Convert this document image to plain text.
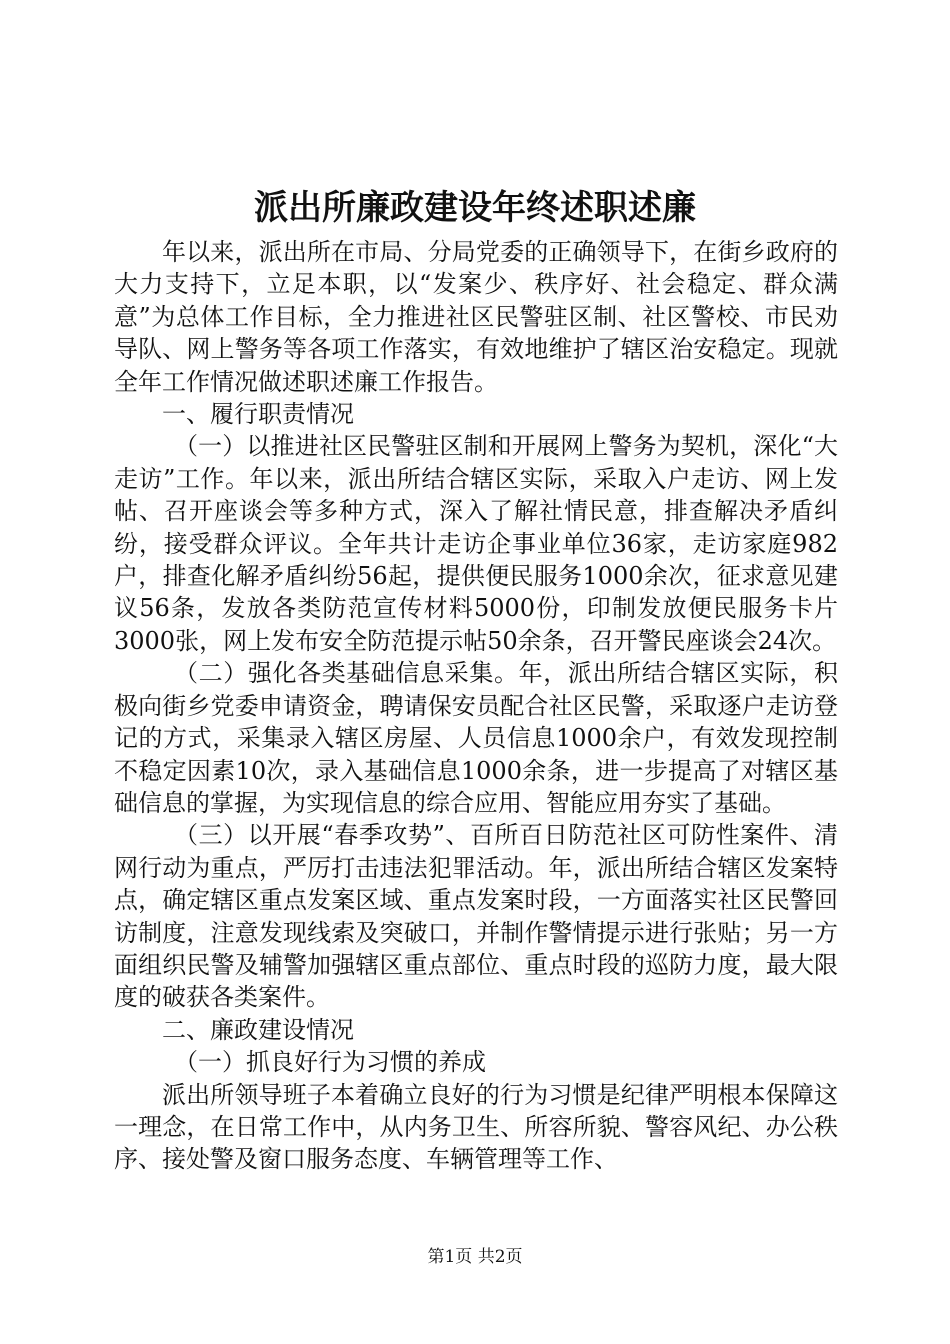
派出所廉政建设年终述职述廉

年以来，派出所在市局、分局党委的正确领导下，在街乡政府的大力支持下，立足本职，以“发案少、秩序好、社会稳定、群众满意”为总体工作目标，全力推进社区民警驻区制、社区警校、市民劝导队、网上警务等各项工作落实，有效地维护了辖区治安稳定。现就全年工作情况做述职述廉工作报告。

一、履行职责情况

（一）以推进社区民警驻区制和开展网上警务为契机，深化“大走访”工作。年以来，派出所结合辖区实际，采取入户走访、网上发帖、召开座谈会等多种方式，深入了解社情民意，排查解决矛盾纠纷，接受群众评议。全年共计走访企事业单位36家，走访家庭982户，排查化解矛盾纠纷56起，提供便民服务1000余次，征求意见建议56条，发放各类防范宣传材料5000份，印制发放便民服务卡片3000张，网上发布安全防范提示帖50余条，召开警民座谈会24次。

（二）强化各类基础信息采集。年，派出所结合辖区实际，积极向街乡党委申请资金，聘请保安员配合社区民警，采取逐户走访登记的方式，采集录入辖区房屋、人员信息1000余户，有效发现控制不稳定因素10次，录入基础信息1000余条，进一步提高了对辖区基础信息的掌握，为实现信息的综合应用、智能应用夯实了基础。

（三）以开展“春季攻势”、百所百日防范社区可防性案件、清网行动为重点，严厉打击违法犯罪活动。年，派出所结合辖区发案特点，确定辖区重点发案区域、重点发案时段，一方面落实社区民警回访制度，注意发现线索及突破口，并制作警情提示进行张贴；另一方面组织民警及辅警加强辖区重点部位、重点时段的巡防力度，最大限度的破获各类案件。

二、廉政建设情况

（一）抓良好行为习惯的养成

派出所领导班子本着确立良好的行为习惯是纪律严明根本保障这一理念，在日常工作中，从内务卫生、所容所貌、警容风纪、办公秩序、接处警及窗口服务态度、车辆管理等工作、

第1页 共2页
